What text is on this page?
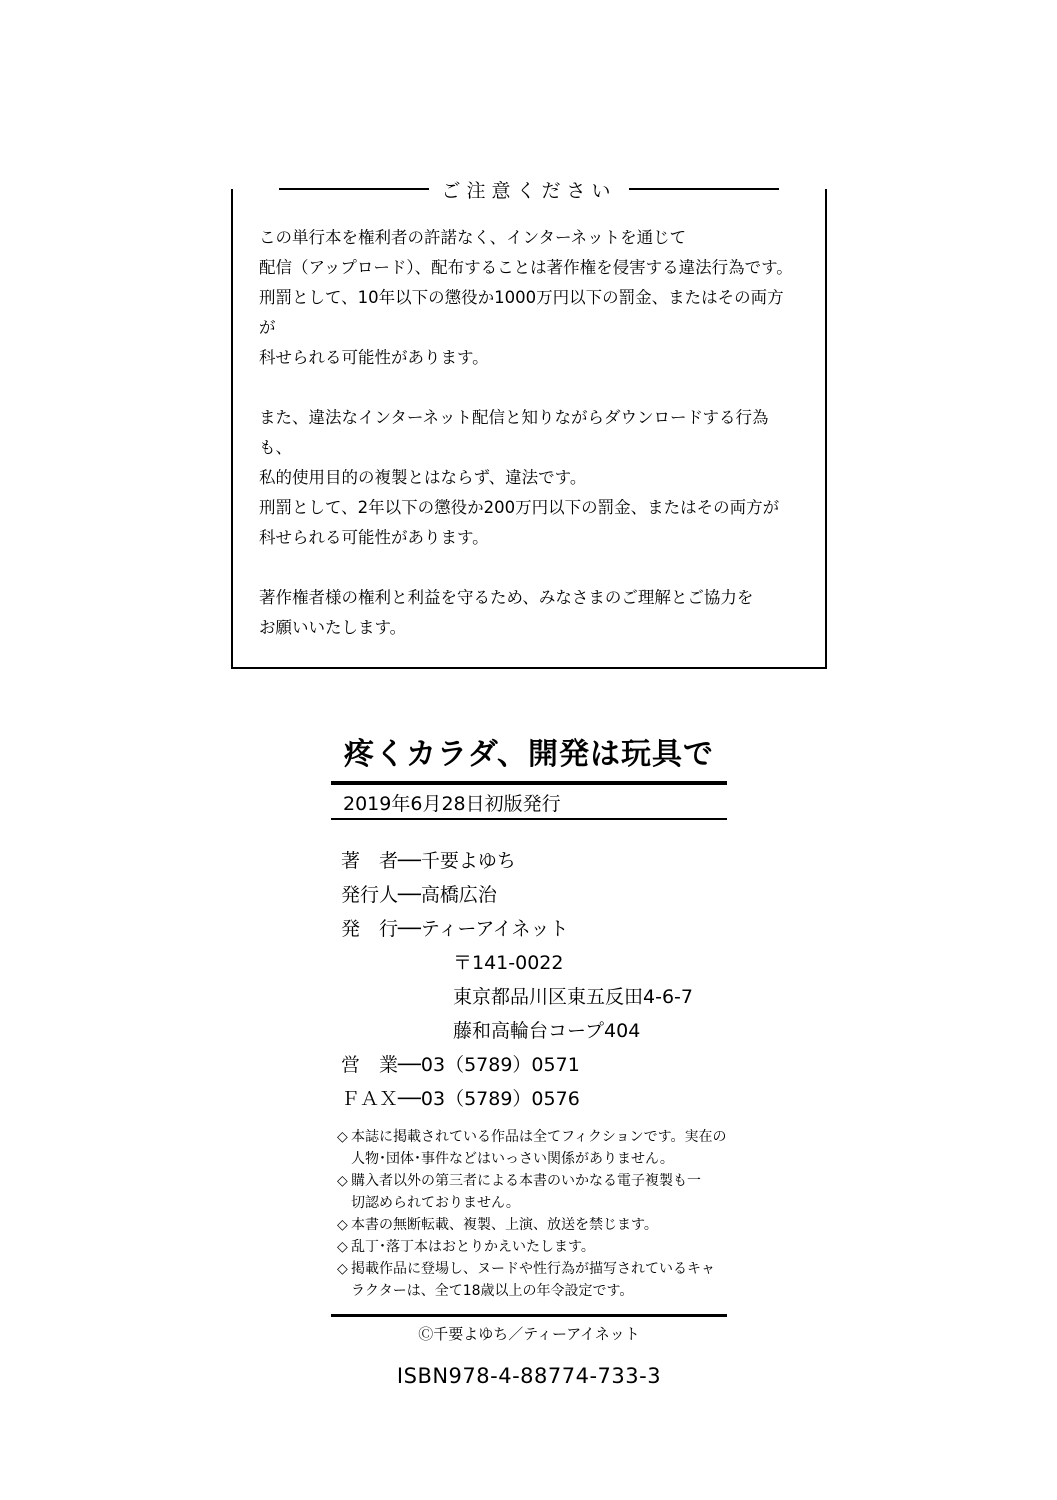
ご注意ください

この単行本を権利者の許諾なく、インターネットを通じて

配信（アップロード）、配布することは著作権を侵害する違法行為です。

刑罰として、10年以下の懲役か1000万円以下の罰金、またはその両方が

科せられる可能性があります。

また、違法なインターネット配信と知りながらダウンロードする行為も、

私的使用目的の複製とはならず、違法です。

刑罰として、2年以下の懲役か200万円以下の罰金、またはその両方が

科せられる可能性があります。

著作権者様の権利と利益を守るため、みなさまのご理解とご協力を

お願いいたします。

疼くカラダ、開発は玩具で
2019年6月28日初版発行
著　者──千要よゆち
発行人──高橋広治
発　行──ティーアイネット
〒141-0022
東京都品川区東五反田4-6-7
藤和高輪台コープ404
営　業──03（5789）0571
ＦＡＸ──03（5789）0576
◇ 本誌に掲載されている作品は全てフィクションです。実在の
人物･団体･事件などはいっさい関係がありません。
◇ 購入者以外の第三者による本書のいかなる電子複製も一
切認められておりません。
◇ 本書の無断転載、複製、上演、放送を禁じます。
◇ 乱丁･落丁本はおとりかえいたします。
◇ 掲載作品に登場し、ヌードや性行為が描写されているキャ
ラクターは、全て18歳以上の年令設定です。
Ⓒ千要よゆち／ティーアイネット
ISBN978-4-88774-733-3
